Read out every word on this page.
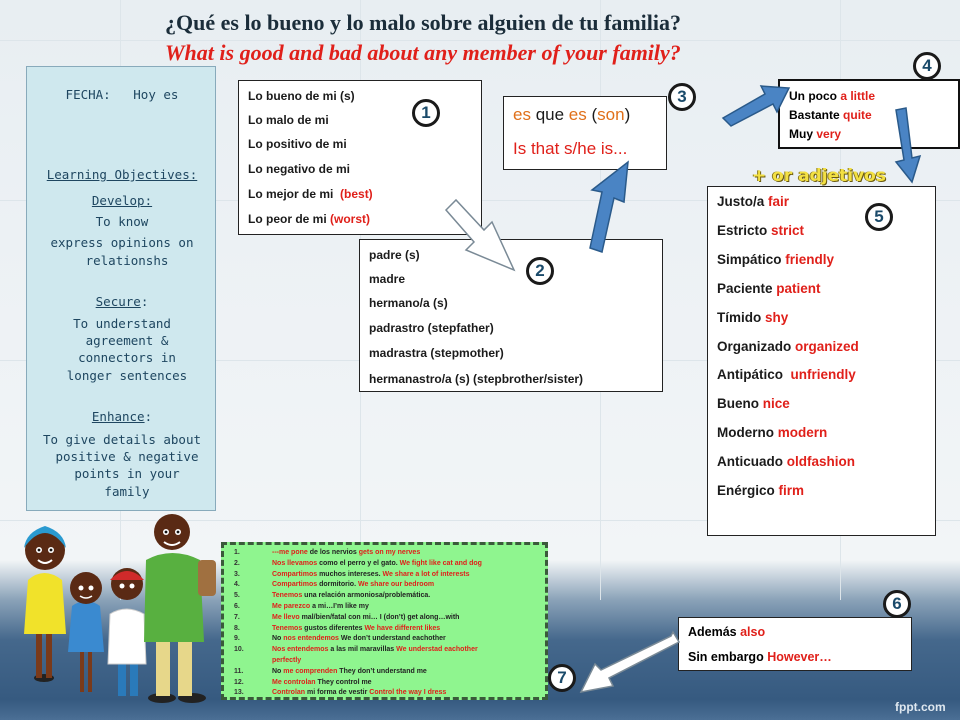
¿Qué es lo bueno y lo malo sobre alguien de tu familia?
What is good and bad about any member of your family?
FECHA:   Hoy es
Learning Objectives:
Develop:
To know
express opinions on
relationshs
Secure:
To understand
agreement &
connectors in
longer sentences
Enhance:
To give details about
positive & negative
points in your
family
Lo bueno de mi (s)
Lo malo de mi
Lo positivo de mi
Lo negativo de mi
Lo mejor de mi  (best)
Lo peor de mi (worst)
1
padre (s)
madre
hermano/a (s)
padrastro (stepfather)
madrastra (stepmother)
hermanastro/a (s) (stepbrother/sister)
2
es que es (son)
Is that s/he is...
3	Un poco a little
Bastante quite
Muy very
4
+ or adjetivos
Justo/a fair
Estricto strict
Simpático friendly
Paciente patient
Tímido shy
Organizado organized
Antipático  unfriendly
Bueno nice
Moderno modern
Anticuado oldfashion
Enérgico firm
5
Además also
Sin embargo However…
6
1.	---me pone de los nervios gets on my nerves
2.	Nos llevamos como el perro y el gato. We fight like cat and dog
3.	Compartimos muchos intereses. We share a lot of interests
4.	Compartimos dormitorio. We share our bedroom
5.	Tenemos una relación armoniosa/problemática.
6.	Me parezco a mi…I’m like my
7.	Me llevo mal/bien/fatal con mi… I (don’t) get along…with
8.	Tenemos gustos diferentes We have different likes
9.	No nos entendemos We don’t understand eachother
10.	Nos entendemos a las mil maravillas We understad eachother
perfectly
11.	No me comprenden They don’t understand me
12.	Me controlan They control me
13.	Controlan mi forma de vestir Control the way I dress
7
fppt.com
